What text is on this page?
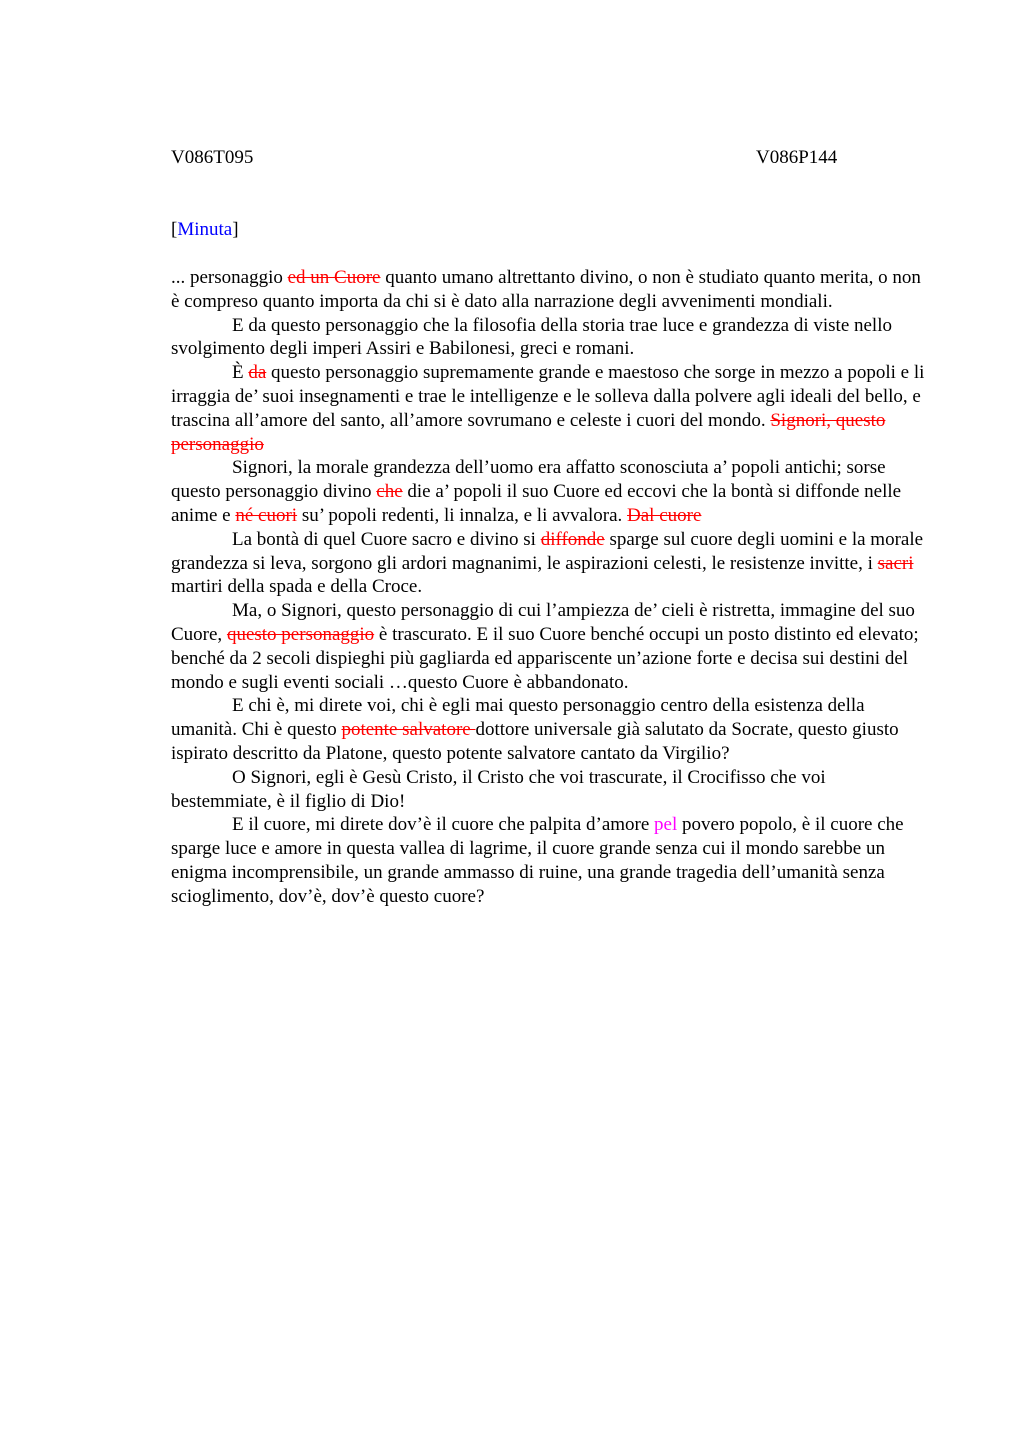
V086T095	V086P144
[Minuta]

... personaggio ed un Cuore quanto umano altrettanto divino, o non è studiato quanto merita, o non è compreso quanto importa da chi si è dato alla narrazione degli avvenimenti mondiali.

E da questo personaggio che la filosofia della storia trae luce e grandezza di viste nello svolgimento degli imperi Assiri e Babilonesi, greci e romani.

È da questo personaggio supremamente grande e maestoso che sorge in mezzo a popoli e li irraggia de’ suoi insegnamenti e trae le intelligenze e le solleva dalla polvere agli ideali del bello, e trascina all’amore del santo, all’amore sovrumano e celeste i cuori del mondo. Signori, questo personaggio

Signori, la morale grandezza dell’uomo era affatto sconosciuta a’ popoli antichi; sorse questo personaggio divino che die a’ popoli il suo Cuore ed eccovi che la bontà si diffonde nelle anime e né cuori su’ popoli redenti, li innalza, e li avvalora. Dal cuore

La bontà di quel Cuore sacro e divino si diffonde sparge sul cuore degli uomini e la morale grandezza si leva, sorgono gli ardori magnanimi, le aspirazioni celesti, le resistenze invitte, i sacri martiri della spada e della Croce.

Ma, o Signori, questo personaggio di cui l’ampiezza de’ cieli è ristretta, immagine del suo Cuore, questo personaggio è trascurato. E il suo Cuore benché occupi un posto distinto ed elevato; benché da 2 secoli dispieghi più gagliarda ed appariscente un’azione forte e decisa sui destini del mondo e sugli eventi sociali …questo Cuore è abbandonato.

E chi è, mi direte voi, chi è egli mai questo personaggio centro della esistenza della umanità. Chi è questo potente salvatore dottore universale già salutato da Socrate, questo giusto ispirato descritto da Platone, questo potente salvatore cantato da Virgilio?

O Signori, egli è Gesù Cristo, il Cristo che voi trascurate, il Crocifisso che voi bestemmiate, è il figlio di Dio!

E il cuore, mi direte dov’è il cuore che palpita d’amore pel povero popolo, è il cuore che sparge luce e amore in questa vallea di lagrime, il cuore grande senza cui il mondo sarebbe un enigma incomprensibile, un grande ammasso di ruine, una grande tragedia dell’umanità senza scioglimento, dov’è, dov’è questo cuore?
